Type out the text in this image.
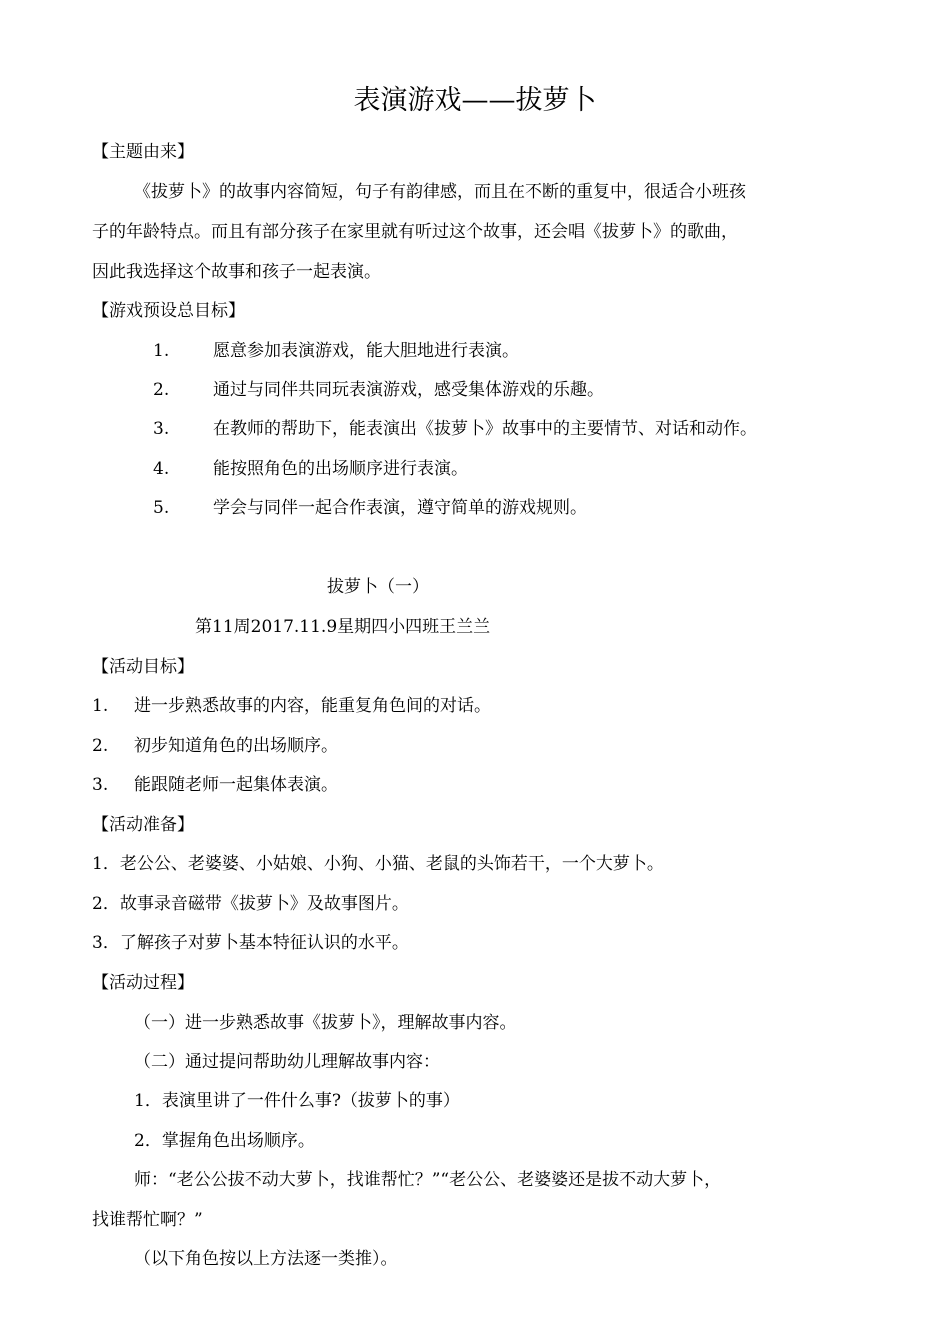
表演游戏——拔萝卜
【主题由来】
《拔萝卜》的故事内容简短，句子有韵律感，而且在不断的重复中，很适合小班孩
子的年龄特点。而且有部分孩子在家里就有听过这个故事，还会唱《拔萝卜》的歌曲，
因此我选择这个故事和孩子一起表演。
【游戏预设总目标】
1.	愿意参加表演游戏，能大胆地进行表演。
2.	通过与同伴共同玩表演游戏，感受集体游戏的乐趣。
3.	在教师的帮助下，能表演出《拔萝卜》故事中的主要情节、对话和动作。
4.	能按照角色的出场顺序进行表演。
5.	学会与同伴一起合作表演，遵守简单的游戏规则。
拔萝卜（一）
第11周2017.11.9星期四小四班王兰兰
【活动目标】
1. 进一步熟悉故事的内容，能重复角色间的对话。
2. 初步知道角色的出场顺序。
3. 能跟随老师一起集体表演。
【活动准备】
1．老公公、老婆婆、小姑娘、小狗、小猫、老鼠的头饰若干，一个大萝卜。
2．故事录音磁带《拔萝卜》及故事图片。
3．了解孩子对萝卜基本特征认识的水平。
【活动过程】
（一）进一步熟悉故事《拔萝卜》，理解故事内容。
（二）通过提问帮助幼儿理解故事内容：
1．表演里讲了一件什么事?（拔萝卜的事）
2．掌握角色出场顺序。
师：“老公公拔不动大萝卜，找谁帮忙？”“老公公、老婆婆还是拔不动大萝卜，
找谁帮忙啊？”
（以下角色按以上方法逐一类推）。
